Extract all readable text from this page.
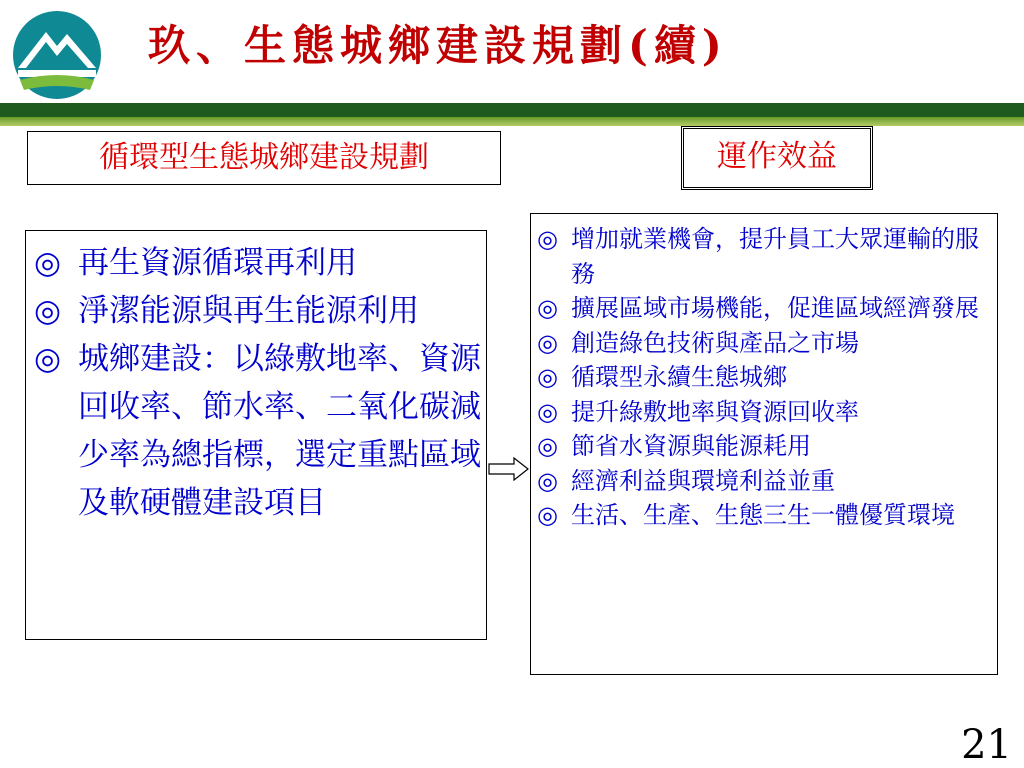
玖、生態城鄉建設規劃(續)
循環型生態城鄉建設規劃	運作效益
◎ 再生資源循環再利用
◎ 淨潔能源與再生能源利用
◎ 城鄉建設：以綠敷地率、資源回收率、節水率、二氧化碳減少率為總指標，選定重點區域及軟硬體建設項目
◎ 增加就業機會，提升員工大眾運輸的服務
◎ 擴展區域市場機能，促進區域經濟發展
◎ 創造綠色技術與產品之市場
◎ 循環型永續生態城鄉
◎ 提升綠敷地率與資源回收率
◎ 節省水資源與能源耗用
◎ 經濟利益與環境利益並重
◎ 生活、生產、生態三生一體優質環境
21
